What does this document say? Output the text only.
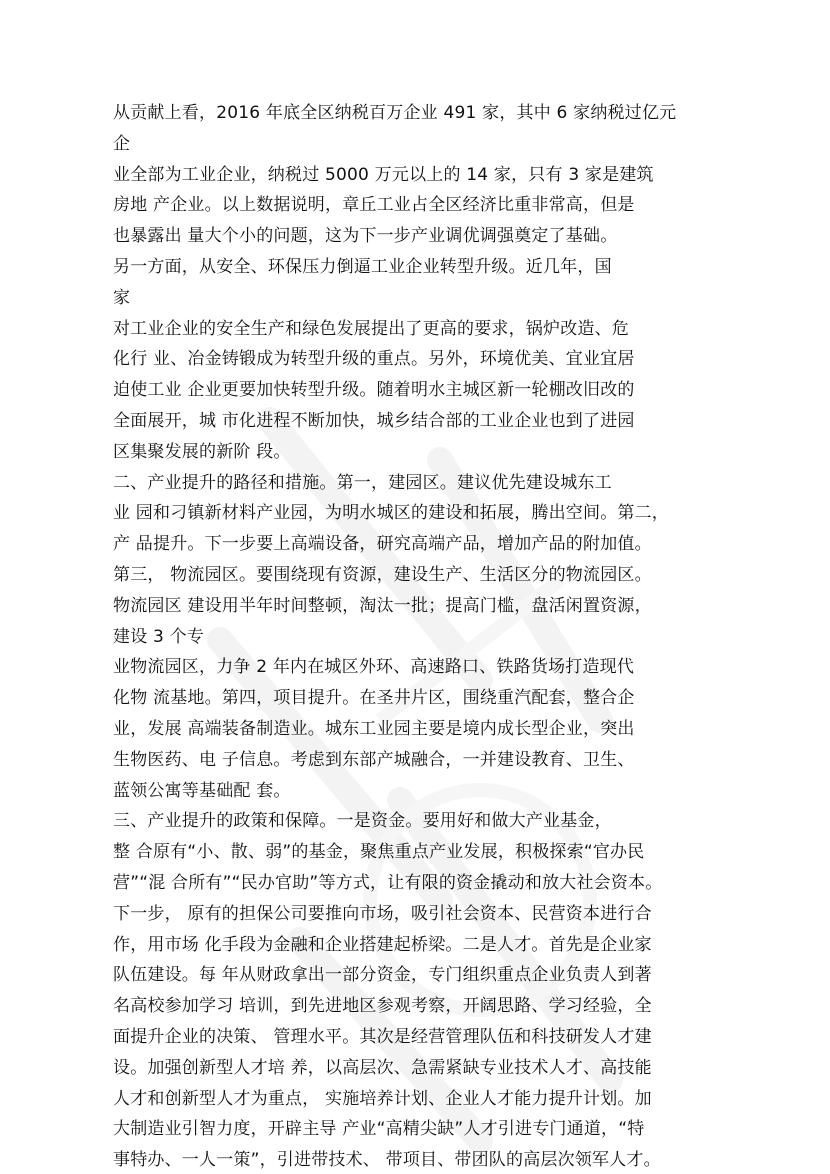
从贡献上看，2016 年底全区纳税百万企业 491 家，其中 6 家纳税过亿元
企
业全部为工业企业，纳税过 5000 万元以上的 14 家，只有 3 家是建筑
房地 产企业。以上数据说明，章丘工业占全区经济比重非常高，但是
也暴露出 量大个小的问题，这为下一步产业调优调强奠定了基础。
另一方面，从安全、环保压力倒逼工业企业转型升级。近几年，国
家
对工业企业的安全生产和绿色发展提出了更高的要求，锅炉改造、危
化行 业、冶金铸锻成为转型升级的重点。另外，环境优美、宜业宜居
迫使工业 企业更要加快转型升级。随着明水主城区新一轮棚改旧改的
全面展开，城 市化进程不断加快，城乡结合部的工业企业也到了进园
区集聚发展的新阶 段。
二、产业提升的路径和措施。第一，建园区。建议优先建设城东工
业 园和刁镇新材料产业园，为明水城区的建设和拓展，腾出空间。第二，
产 品提升。下一步要上高端设备，研究高端产品，增加产品的附加值。
第三， 物流园区。要围绕现有资源，建设生产、生活区分的物流园区。
物流园区 建设用半年时间整顿，淘汰一批；提高门槛，盘活闲置资源，
建设 3 个专
业物流园区，力争 2 年内在城区外环、高速路口、铁路货场打造现代
化物 流基地。第四，项目提升。在圣井片区，围绕重汽配套，整合企
业，发展 高端装备制造业。城东工业园主要是境内成长型企业，突出
生物医药、电 子信息。考虑到东部产城融合，一并建设教育、卫生、
蓝领公寓等基础配 套。
三、产业提升的政策和保障。一是资金。要用好和做大产业基金，
整 合原有“小、散、弱”的基金，聚焦重点产业发展，积极探索“官办民
营”“混 合所有”“民办官助”等方式，让有限的资金撬动和放大社会资本。
下一步， 原有的担保公司要推向市场，吸引社会资本、民营资本进行合
作，用市场 化手段为金融和企业搭建起桥梁。二是人才。首先是企业家
队伍建设。每 年从财政拿出一部分资金，专门组织重点企业负责人到著
名高校参加学习 培训，到先进地区参观考察，开阔思路、学习经验，全
面提升企业的决策、 管理水平。其次是经营管理队伍和科技研发人才建
设。加强创新型人才培 养，以高层次、急需紧缺专业技术人才、高技能
人才和创新型人才为重点， 实施培养计划、企业人才能力提升计划。加
大制造业引智力度，开辟主导 产业“高精尖缺”人才引进专门通道，“特
事特办、一人一策”，引进带技术、 带项目、带团队的高层次领军人才。
